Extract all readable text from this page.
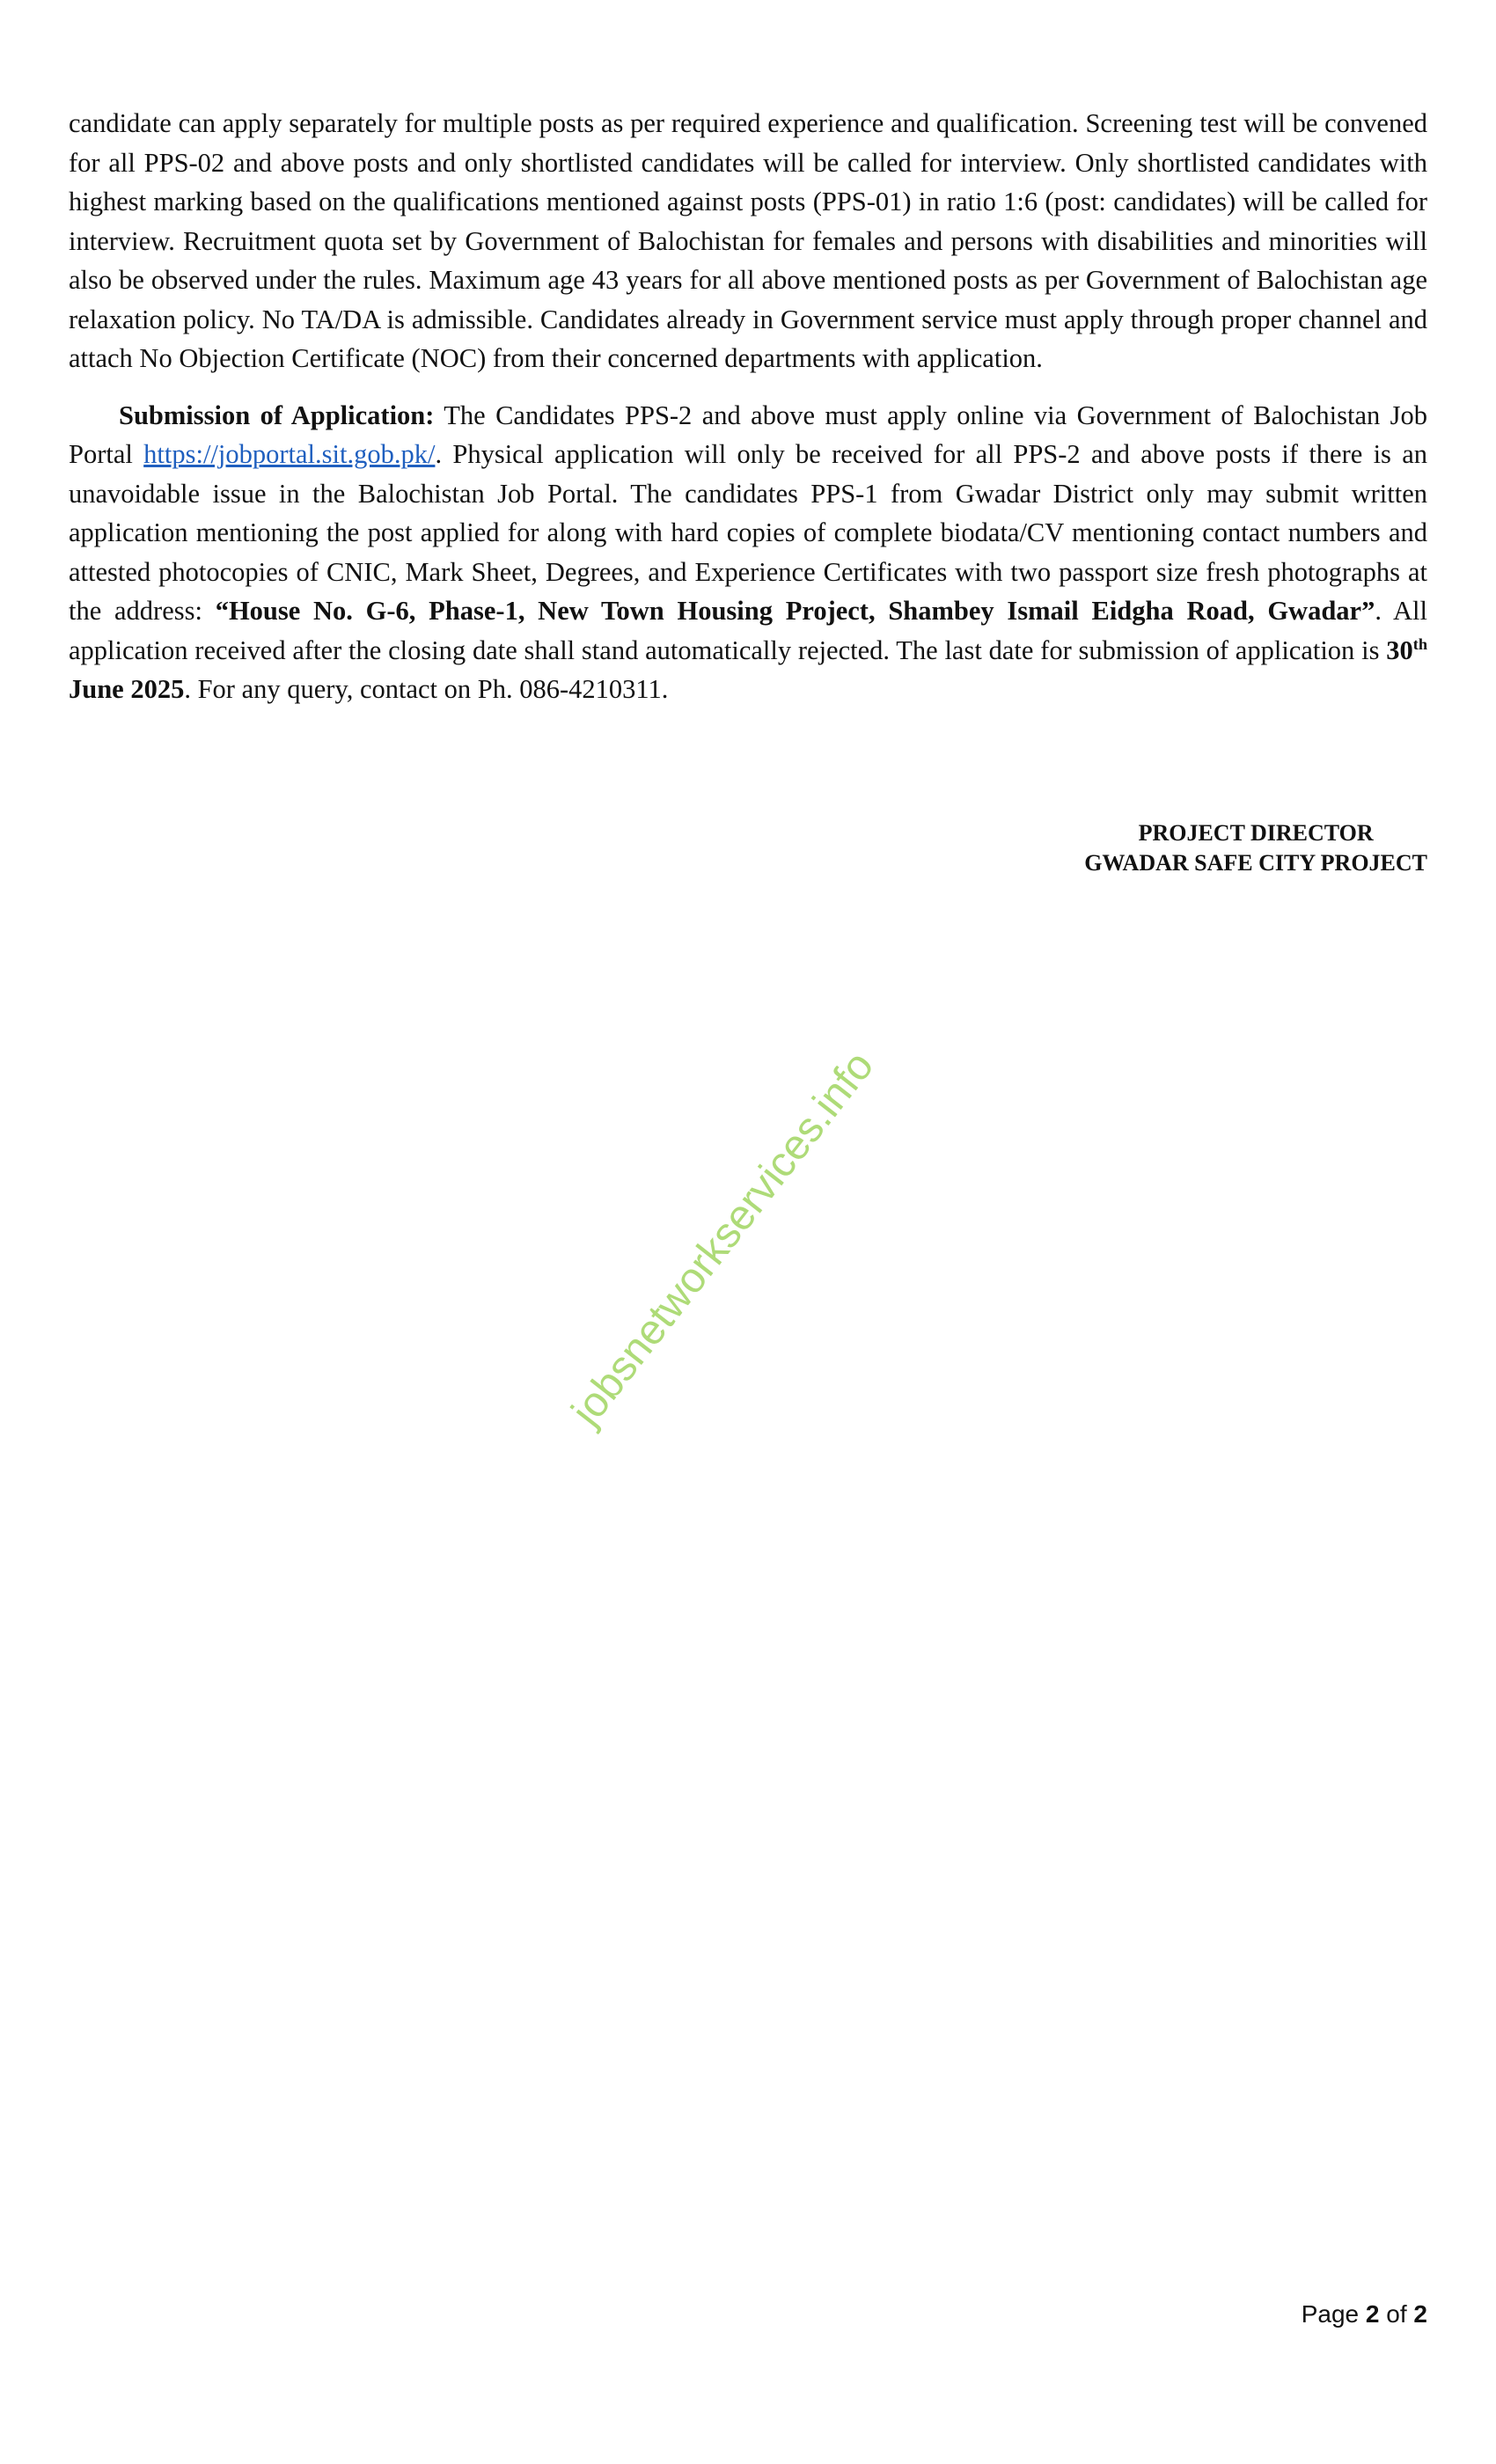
candidate can apply separately for multiple posts as per required experience and qualification. Screening test will be convened for all PPS-02 and above posts and only shortlisted candidates will be called for interview. Only shortlisted candidates with highest marking based on the qualifications mentioned against posts (PPS-01) in ratio 1:6 (post: candidates) will be called for interview. Recruitment quota set by Government of Balochistan for females and persons with disabilities and minorities will also be observed under the rules. Maximum age 43 years for all above mentioned posts as per Government of Balochistan age relaxation policy. No TA/DA is admissible. Candidates already in Government service must apply through proper channel and attach No Objection Certificate (NOC) from their concerned departments with application.

Submission of Application: The Candidates PPS-2 and above must apply online via Government of Balochistan Job Portal https://jobportal.sit.gob.pk/. Physical application will only be received for all PPS-2 and above posts if there is an unavoidable issue in the Balochistan Job Portal. The candidates PPS-1 from Gwadar District only may submit written application mentioning the post applied for along with hard copies of complete biodata/CV mentioning contact numbers and attested photocopies of CNIC, Mark Sheet, Degrees, and Experience Certificates with two passport size fresh photographs at the address: “House No. G-6, Phase-1, New Town Housing Project, Shambey Ismail Eidgha Road, Gwadar”. All application received after the closing date shall stand automatically rejected. The last date for submission of application is 30th June 2025. For any query, contact on Ph. 086-4210311.

PROJECT DIRECTOR
GWADAR SAFE CITY PROJECT
jobsnetworkservices.info
Page 2 of 2
